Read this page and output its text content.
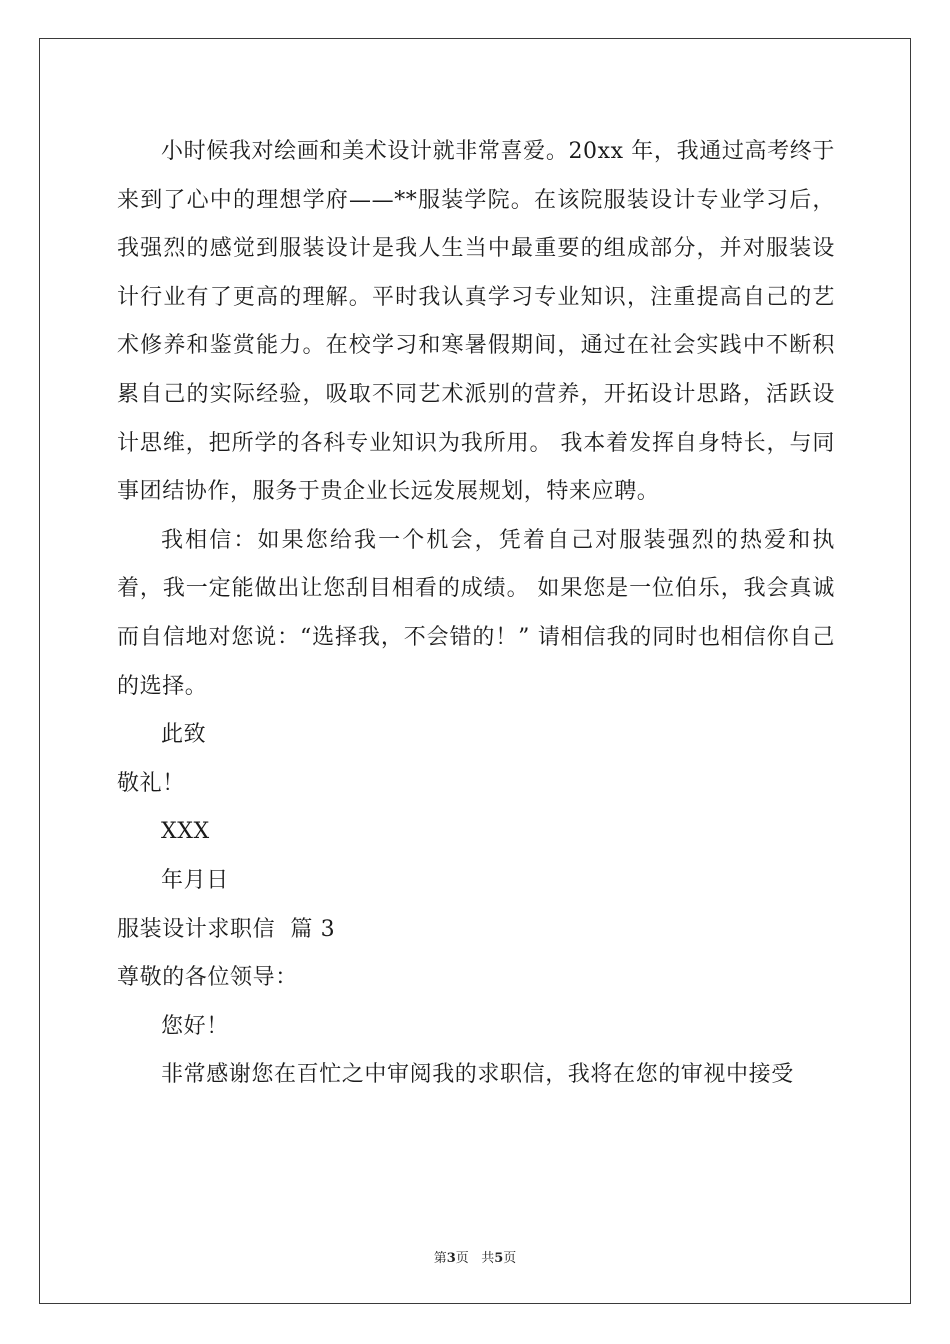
小时候我对绘画和美术设计就非常喜爱。20xx 年，我通过高考终于来到了心中的理想学府——**服装学院。在该院服装设计专业学习后，我强烈的感觉到服装设计是我人生当中最重要的组成部分，并对服装设计行业有了更高的理解。平时我认真学习专业知识，注重提高自己的艺术修养和鉴赏能力。在校学习和寒暑假期间，通过在社会实践中不断积累自己的实际经验，吸取不同艺术派别的营养，开拓设计思路，活跃设计思维，把所学的各科专业知识为我所用。 我本着发挥自身特长，与同事团结协作，服务于贵企业长远发展规划，特来应聘。

我相信：如果您给我一个机会，凭着自己对服装强烈的热爱和执着，我一定能做出让您刮目相看的成绩。 如果您是一位伯乐，我会真诚而自信地对您说：“选择我，不会错的！” 请相信我的同时也相信你自己的选择。

此致

敬礼！

XXX

年月日

服装设计求职信  篇 3

尊敬的各位领导：

您好！

非常感谢您在百忙之中审阅我的求职信，我将在您的审视中接受

第3页   共5页
